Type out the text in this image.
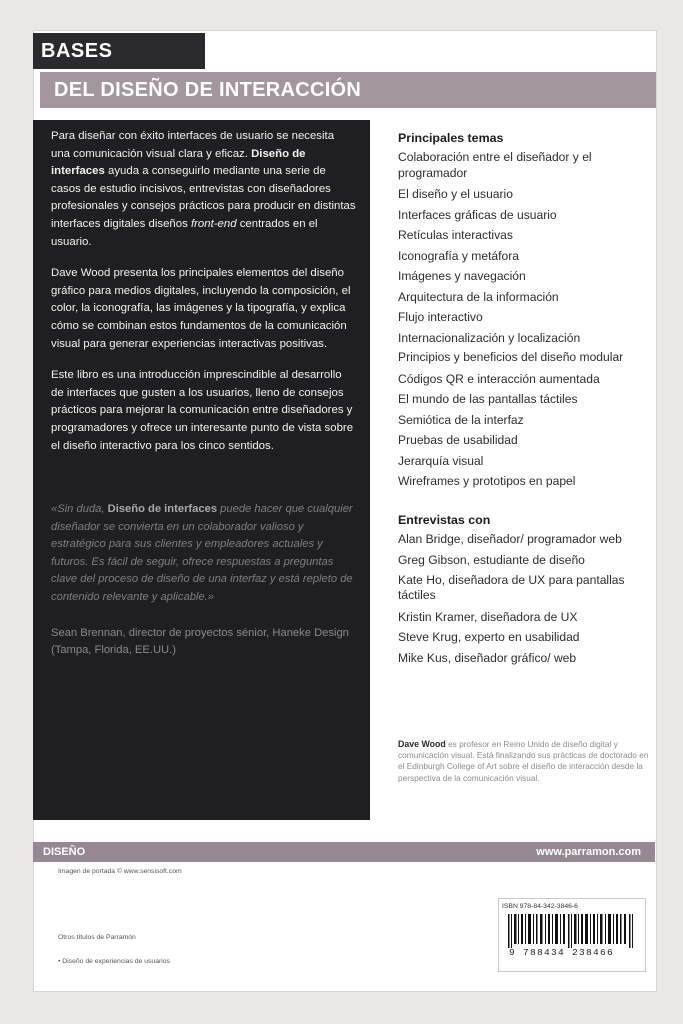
BASES
DEL DISEÑO DE INTERACCIÓN

Para diseñar con éxito interfaces de usuario se necesita una comunicación visual clara y eficaz. Diseño de interfaces ayuda a conseguirlo mediante una serie de casos de estudio incisivos, entrevistas con diseñadores profesionales y consejos prácticos para producir en distintas interfaces digitales diseños front-end centrados en el usuario.

Dave Wood presenta los principales elementos del diseño gráfico para medios digitales, incluyendo la composición, el color, la iconografía, las imágenes y la tipografía, y explica cómo se combinan estos fundamentos de la comunicación visual para generar experiencias interactivas positivas.

Este libro es una introducción imprescindible al desarrollo de interfaces que gusten a los usuarios, lleno de consejos prácticos para mejorar la comunicación entre diseñadores y programadores y ofrece un interesante punto de vista sobre el diseño interactivo para los cinco sentidos.

«Sin duda, Diseño de interfaces puede hacer que cualquier diseñador se convierta en un colaborador valioso y estratégico para sus clientes y empleadores actuales y futuros. Es fácil de seguir, ofrece respuestas a preguntas clave del proceso de diseño de una interfaz y está repleto de contenido relevante y aplicable.»

Sean Brennan, director de proyectos sénior, Haneke Design (Tampa, Florida, EE.UU.)

Principales temas
Colaboración entre el diseñador y el programador
El diseño y el usuario
Interfaces gráficas de usuario
Retículas interactivas
Iconografía y metáfora
Imágenes y navegación
Arquitectura de la información
Flujo interactivo
Internacionalización y localización
Principios y beneficios del diseño modular
Códigos QR e interacción aumentada
El mundo de las pantallas táctiles
Semiótica de la interfaz
Pruebas de usabilidad
Jerarquía visual
Wireframes y prototipos en papel
Entrevistas con
Alan Bridge, diseñador/ programador web
Greg Gibson, estudiante de diseño
Kate Ho, diseñadora de UX para pantallas táctiles
Kristin Kramer, diseñadora de UX
Steve Krug, experto en usabilidad
Mike Kus, diseñador gráfico/ web
Dave Wood es profesor en Reino Unido de diseño digital y comunicación visual. Está finalizando sus prácticas de doctorado en el Edinburgh College of Art sobre el diseño de interacción desde la perspectiva de la comunicación visual.
DISEÑO	www.parramon.com
Imagen de portada © www.sensisoft.com
Otros títulos de Parramón
• Diseño de experiencias de usuarios
ISBN 978-84-342-3846-6
9 788434 238466
